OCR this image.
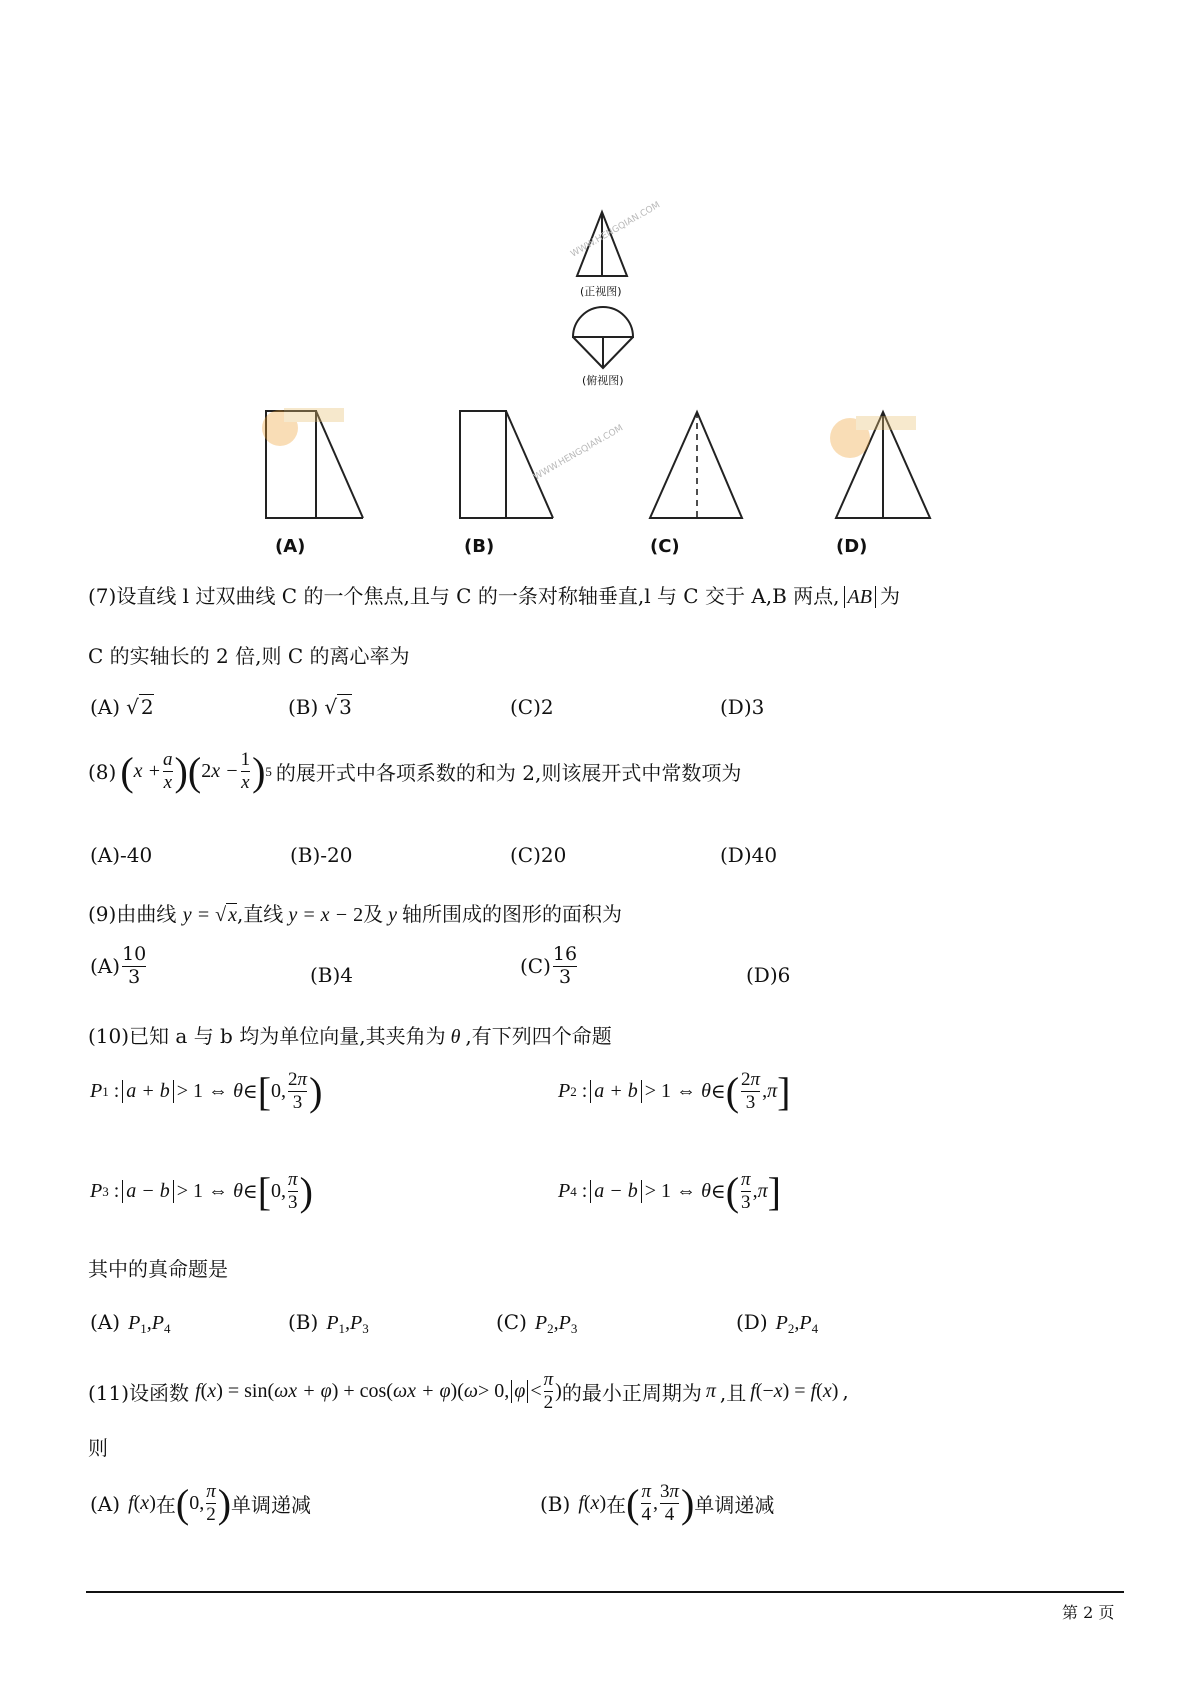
WWW.HENGQIAN.COM
WWW.HENGQIAN.COM
(正视图)
(俯视图)
(A)	(B)	(C)	(D)
(7)设直线 l 过双曲线 C 的一个焦点,且与 C 的一条对称轴垂直,l 与 C 交于 A,B 两点, AB 为
C 的实轴长的 2 倍,则 C 的离心率为
(A) √ 2	(B) √ 3	(C)2	(D)3
(8) ( $x + \frac{a}{x}$ ) ( 2 $x - \frac{1}{x}$ ) 5 的展开式中各项系数的和为 2,则该展开式中常数项为
(A)-40	(B)-20	(C)20	(D)40
(9)由曲线 y = √ x,直线 y = x − 2及 y 轴所围成的图形的面积为
$(A) \frac{10}{3}$	(B)4	$(C) \frac{16}{3}$	(D)6
(10)已知 a 与 b 均为单位向量,其夹角为 θ ,有下列四个命题
P 1 : a + b > 1 ⇔ θ ∈ [ 0, $\frac{2\pi}{3}$ )	P 2 : a + b > 1 ⇔ θ ∈ ( $\frac{2\pi}{3}$ , π ]
P 3 : a − b > 1 ⇔ θ ∈ [ 0, $\frac{\pi}{3}$ )	P 4 : a − b > 1 ⇔ θ ∈ ( $\frac{\pi}{3}$ , π ]
其中的真命题是
(A) $P_1,P_4$	(B) $P_1,P_3$	(C) $P_2,P_3$	(D) $P_2,P_4$
(11)设函数 f ( x ) = sin( ωx + φ ) + cos( ωx + φ )( ω > 0, $\varphi < \frac{\pi}{2}$ ) 的最小正周期为 π ,且 f(−x) = f(x) ,
则
(A) f(x) 在 ( 0, $\frac{\pi}{2}$ ) 单调递减	(B) f(x) 在 ( $\frac{\pi}{4}$ , $\frac{3\pi}{4}$ ) 单调递减
第 2 页
